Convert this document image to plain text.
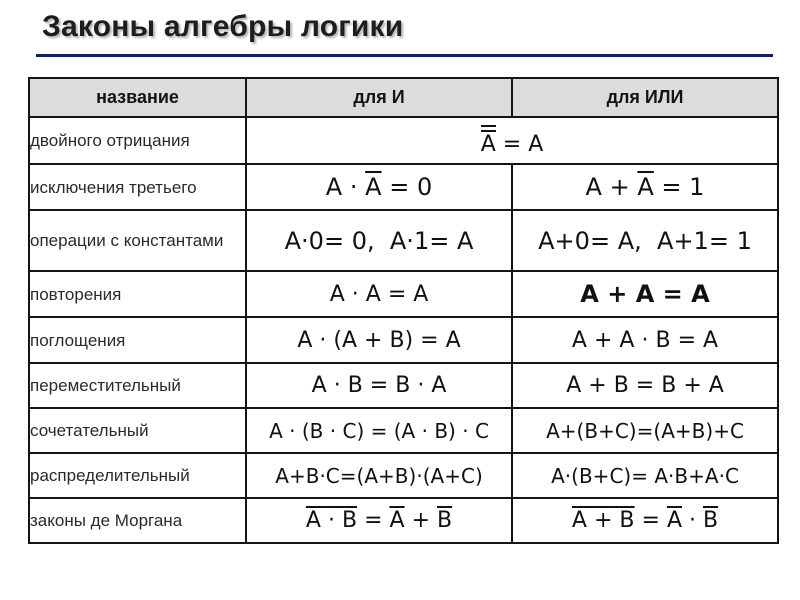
Законы алгебры логики
название	для И	для ИЛИ
двойного отрицания	A = A	
исключения третьего	$A \cdot \overline{A} = 0$	$A + \overline{A} = 1$
операции с константами	A·0= 0, A·1= A	A+0= A, A+1= 1
повторения	A · A = A	A + A = A
поглощения	A · (A + B) = A	A + A · B = A
переместительный	A · B = B · A	A + B = B + A
сочетательный	A · (B · C) = (A · B) · C	A+(B+C)=(A+B)+C
распределительный	A+B·C=(A+B)·(A+C)	A·(B+C)= A·B+A·C
законы де Моргана	$A \cdot B = \overline{A} + \overline{B}$	$A + B = \overline{A} \cdot \overline{B}$
